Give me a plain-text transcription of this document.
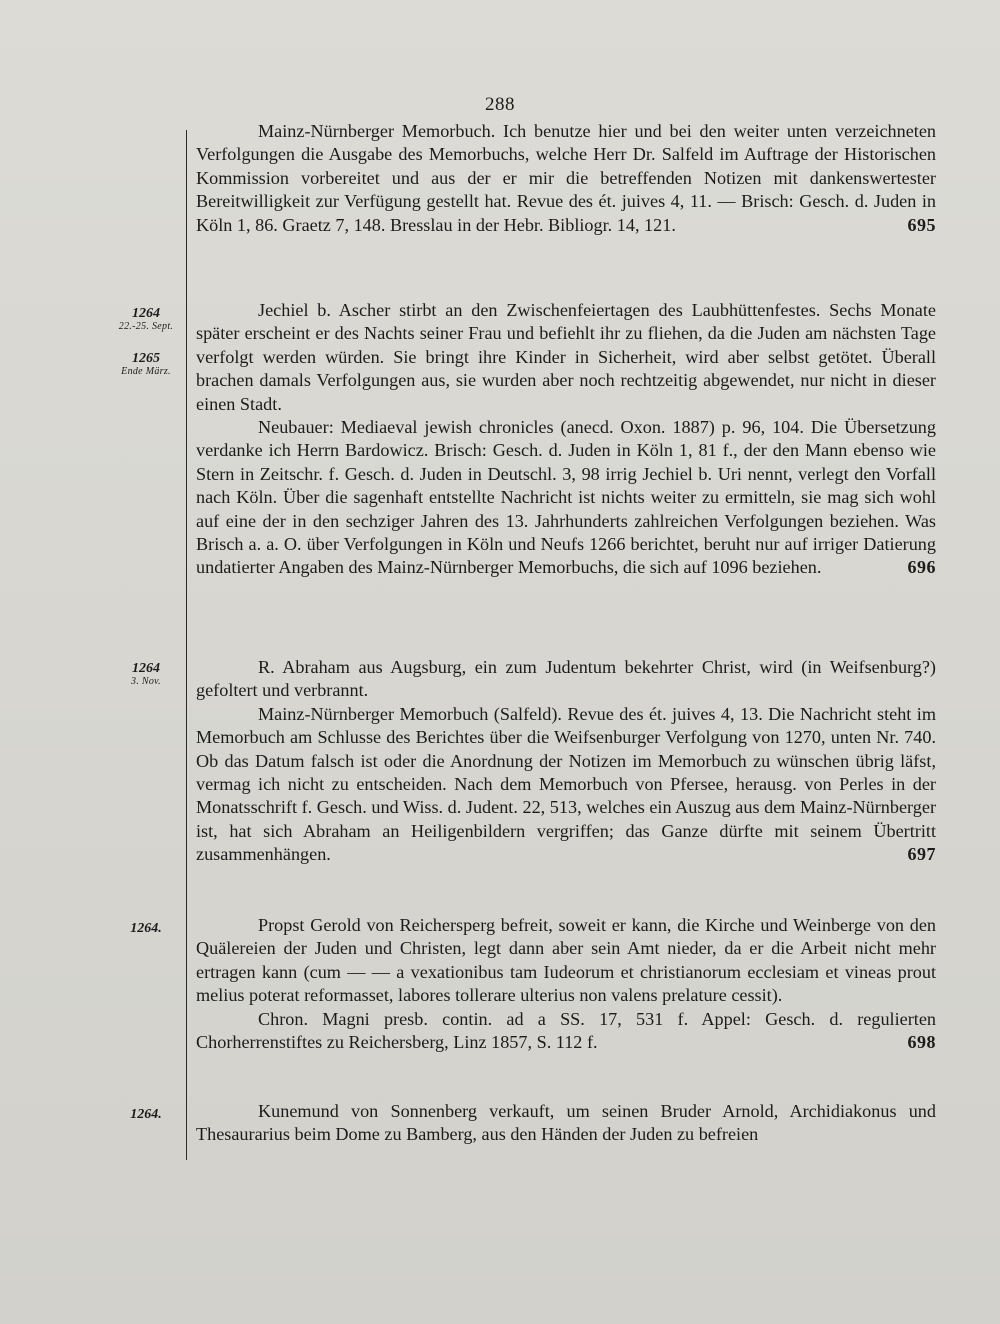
288

Mainz-Nürnberger Memorbuch. Ich benutze hier und bei den weiter unten verzeichneten Verfolgungen die Ausgabe des Memorbuchs, welche Herr Dr. Salfeld im Auftrage der Historischen Kommission vorbereitet und aus der er mir die betreffenden Notizen mit dankenswertester Bereitwilligkeit zur Verfügung gestellt hat. Revue des ét. juives 4, 11. — Brisch: Gesch. d. Juden in Köln 1, 86. Graetz 7, 148. Bresslau in der Hebr. Bibliogr. 14, 121.	695

1264
22.-25. Sept.
1265
Ende März.

Jechiel b. Ascher stirbt an den Zwischenfeiertagen des Laubhüttenfestes. Sechs Monate später erscheint er des Nachts seiner Frau und befiehlt ihr zu fliehen, da die Juden am nächsten Tage verfolgt werden würden. Sie bringt ihre Kinder in Sicherheit, wird aber selbst getötet. Überall brachen damals Verfolgungen aus, sie wurden aber noch rechtzeitig abgewendet, nur nicht in dieser einen Stadt.

Neubauer: Mediaeval jewish chronicles (anecd. Oxon. 1887) p. 96, 104. Die Übersetzung verdanke ich Herrn Bardowicz. Brisch: Gesch. d. Juden in Köln 1, 81 f., der den Mann ebenso wie Stern in Zeitschr. f. Gesch. d. Juden in Deutschl. 3, 98 irrig Jechiel b. Uri nennt, verlegt den Vorfall nach Köln. Über die sagenhaft entstellte Nachricht ist nichts weiter zu ermitteln, sie mag sich wohl auf eine der in den sechziger Jahren des 13. Jahrhunderts zahlreichen Verfolgungen beziehen. Was Brisch a. a. O. über Verfolgungen in Köln und Neufs 1266 berichtet, beruht nur auf irriger Datierung undatierter Angaben des Mainz-Nürnberger Memorbuchs, die sich auf 1096 beziehen.	696

1264
3. Nov.

R. Abraham aus Augsburg, ein zum Judentum bekehrter Christ, wird (in Weifsenburg?) gefoltert und verbrannt.

Mainz-Nürnberger Memorbuch (Salfeld). Revue des ét. juives 4, 13. Die Nachricht steht im Memorbuch am Schlusse des Berichtes über die Weifsenburger Verfolgung von 1270, unten Nr. 740. Ob das Datum falsch ist oder die Anordnung der Notizen im Memorbuch zu wünschen übrig läfst, vermag ich nicht zu entscheiden. Nach dem Memorbuch von Pfersee, herausg. von Perles in der Monatsschrift f. Gesch. und Wiss. d. Judent. 22, 513, welches ein Auszug aus dem Mainz-Nürnberger ist, hat sich Abraham an Heiligenbildern vergriffen; das Ganze dürfte mit seinem Übertritt zusammenhängen.	697

1264.	Propst Gerold von Reichersperg befreit, soweit er kann, die Kirche und Weinberge von den Quälereien der Juden und Christen, legt dann aber sein Amt nieder, da er die Arbeit nicht mehr ertragen kann (cum — — a vexationibus tam Iudeorum et christianorum ecclesiam et vineas prout melius poterat reformasset, labores tollerare ulterius non valens prelature cessit).

Chron. Magni presb. contin. ad a SS. 17, 531 f. Appel: Gesch. d. regulierten Chorherrenstiftes zu Reichersberg, Linz 1857, S. 112 f.	698

1264.	Kunemund von Sonnenberg verkauft, um seinen Bruder Arnold, Archidiakonus und Thesaurarius beim Dome zu Bamberg, aus den Händen der Juden zu befreien
